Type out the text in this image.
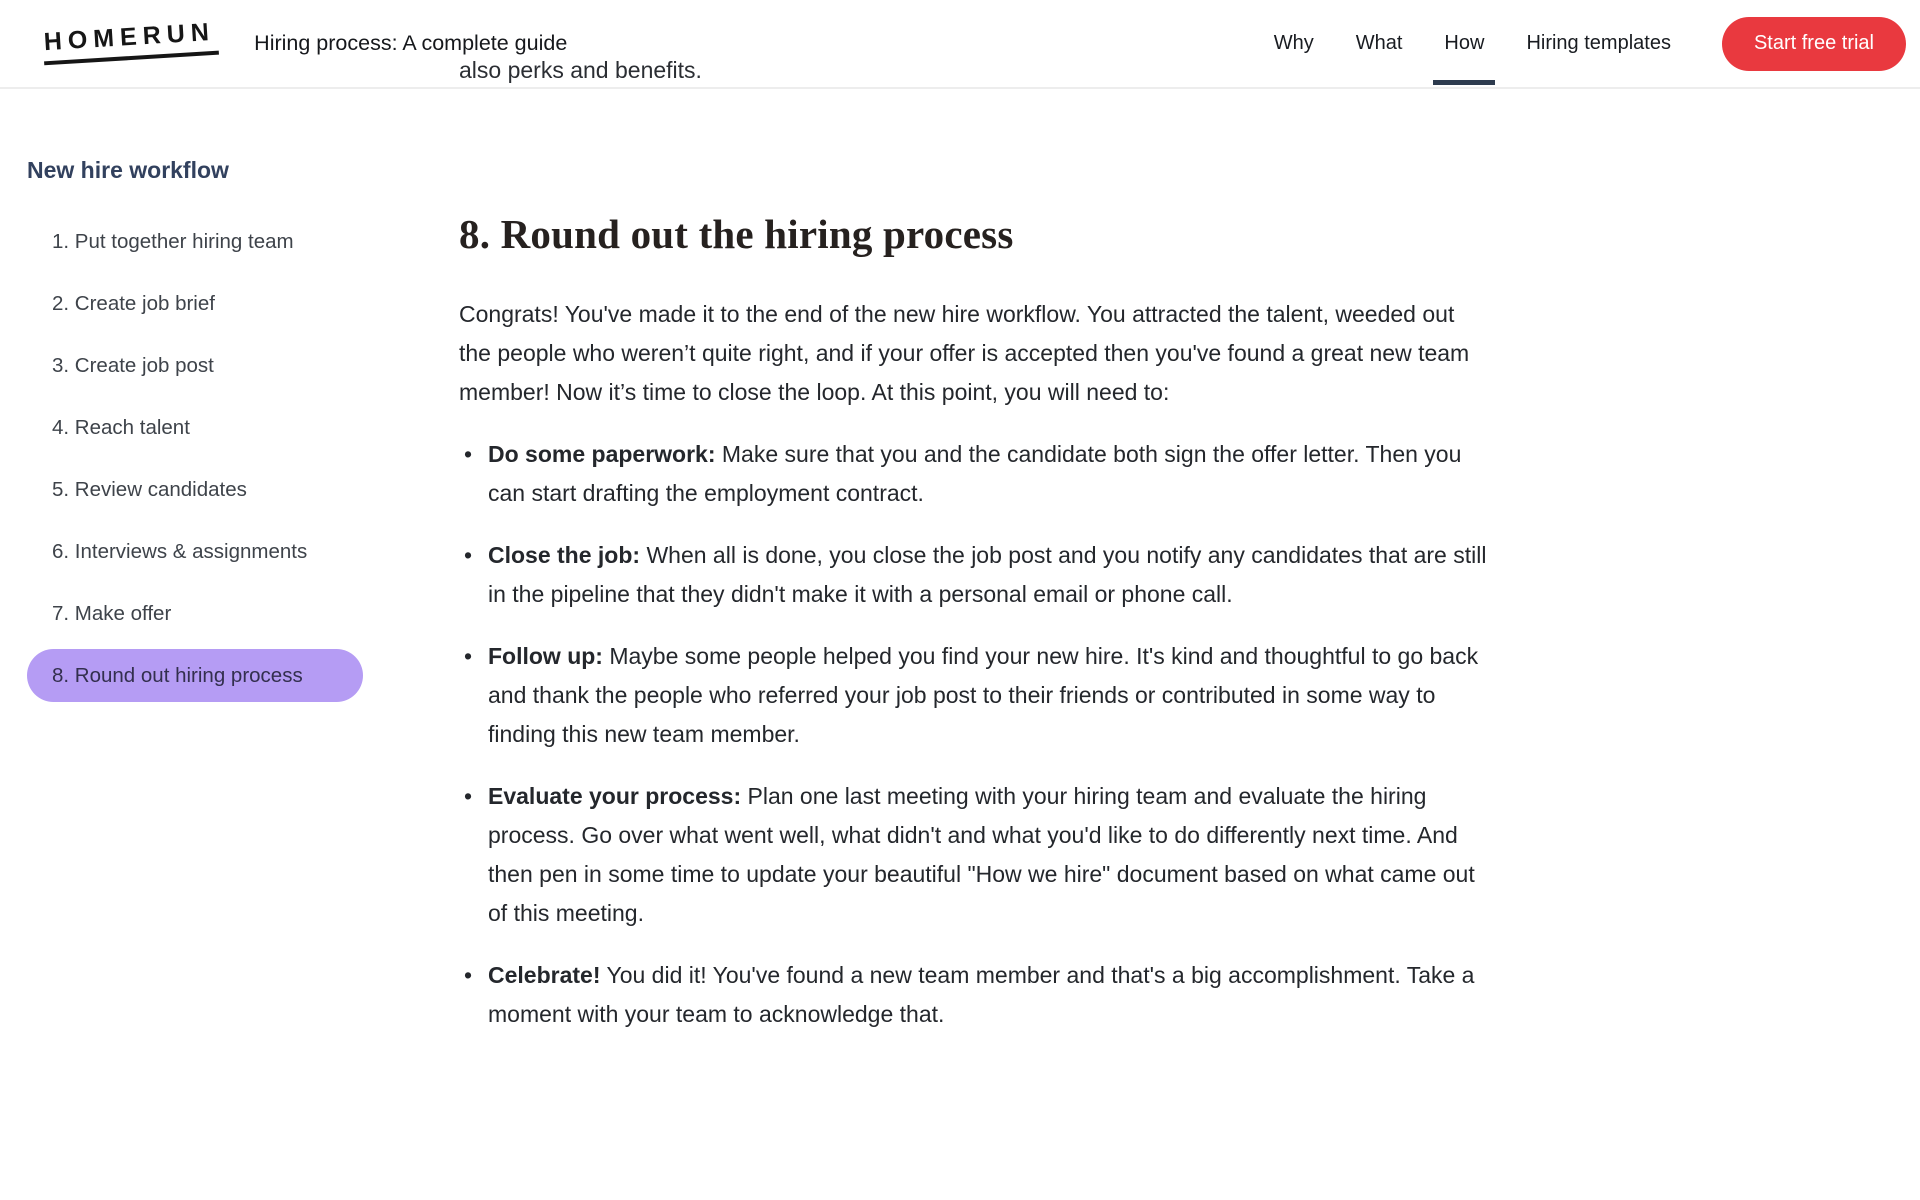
HOMERUN Hiring process: A complete guide	Why	What	How	Hiring templates	Start free trial
also perks and benefits.
New hire workflow
1. Put together hiring team
2. Create job brief
3. Create job post
4. Reach talent
5. Review candidates
6. Interviews & assignments
7. Make offer
8. Round out hiring process
8. Round out the hiring process

Congrats! You've made it to the end of the new hire workflow. You attracted the talent, weeded out the people who weren’t quite right, and if your offer is accepted then you've found a great new team member! Now it’s time to close the loop. At this point, you will need to:

• Do some paperwork: Make sure that you and the candidate both sign the offer letter. Then you can start drafting the employment contract.
• Close the job: When all is done, you close the job post and you notify any candidates that are still in the pipeline that they didn't make it with a personal email or phone call.
• Follow up: Maybe some people helped you find your new hire. It's kind and thoughtful to go back and thank the people who referred your job post to their friends or contributed in some way to finding this new team member.
• Evaluate your process: Plan one last meeting with your hiring team and evaluate the hiring process. Go over what went well, what didn't and what you'd like to do differently next time. And then pen in some time to update your beautiful "How we hire" document based on what came out of this meeting.
• Celebrate! You did it! You've found a new team member and that's a big accomplishment. Take a moment with your team to acknowledge that.
